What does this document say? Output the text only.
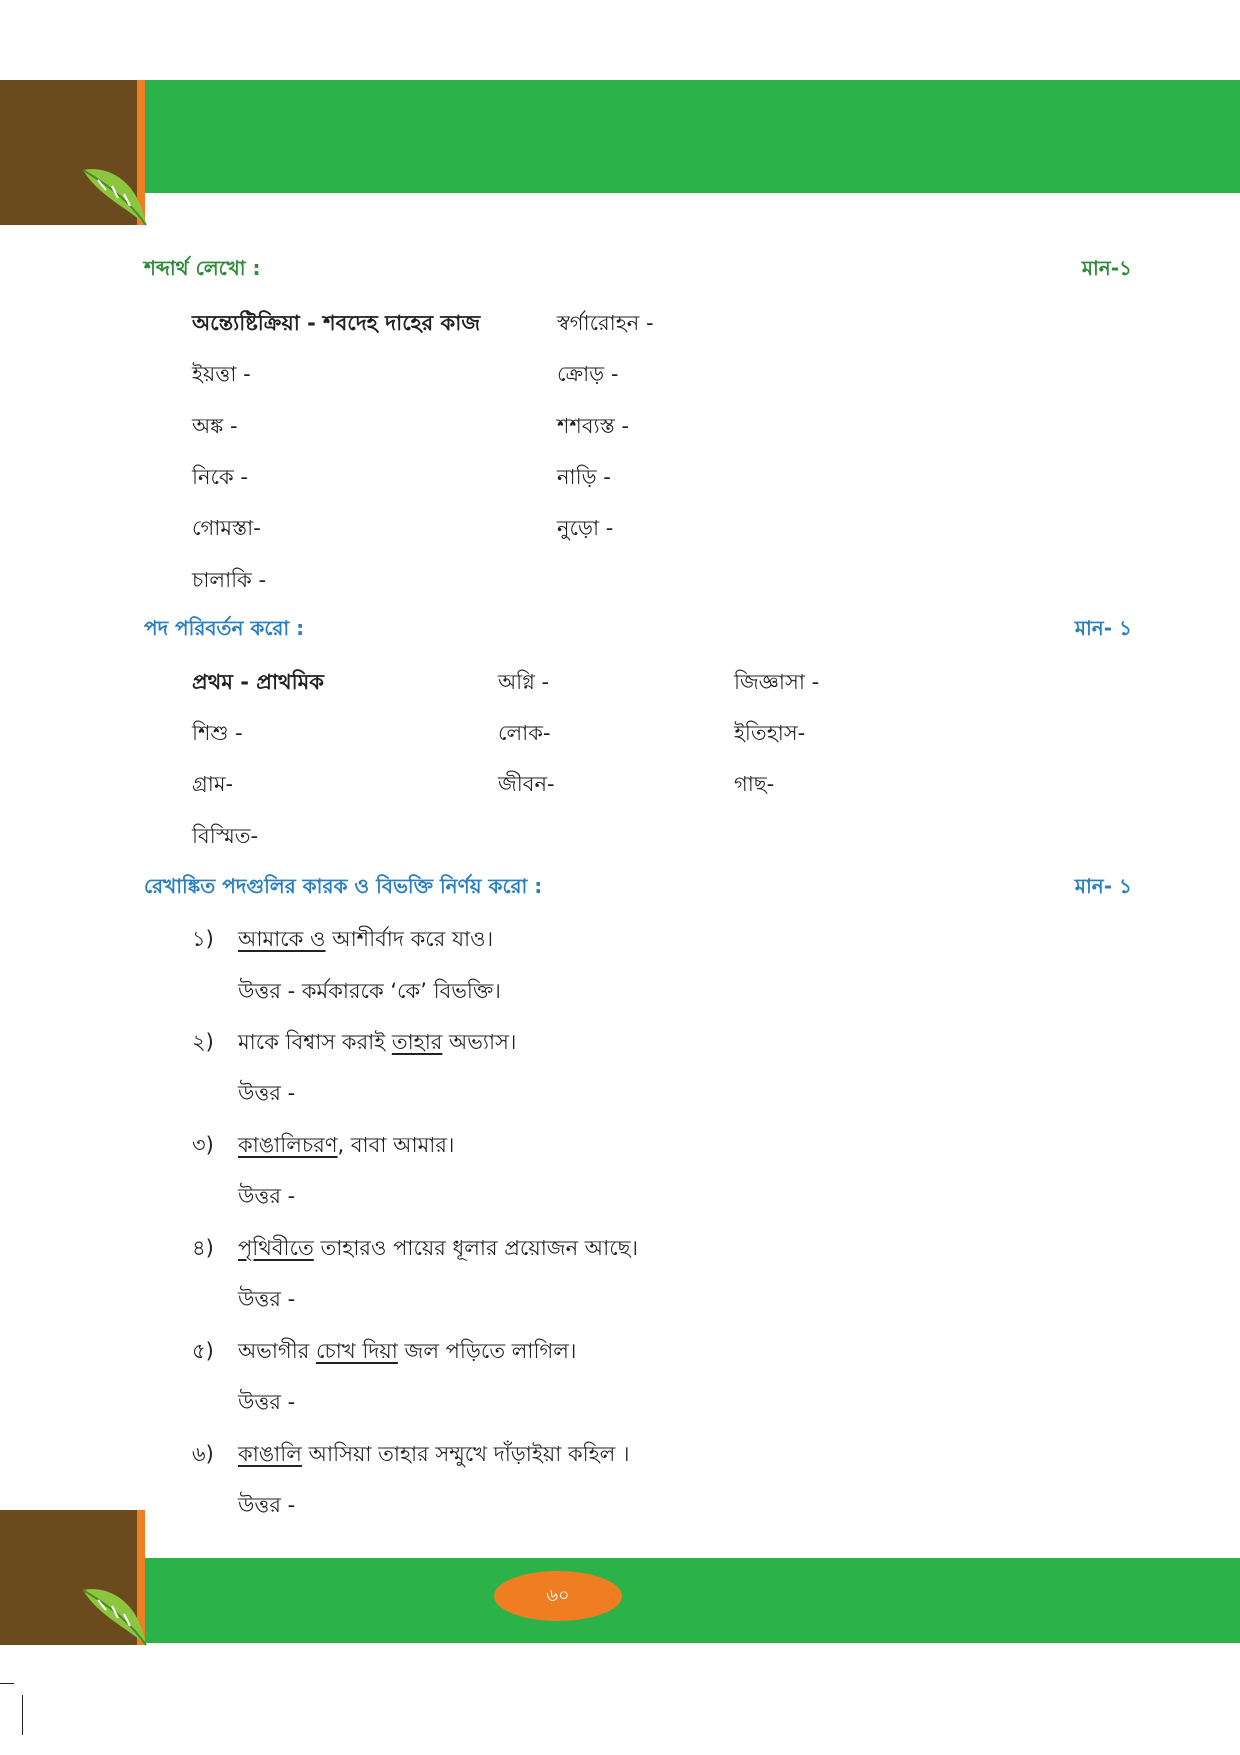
শব্দার্থ লেখো :	মান-১
অন্ত্যেষ্টিক্রিয়া - শবদেহ দাহের কাজ	স্বর্গারোহন -
ইয়ত্তা -	ক্রোড় -
অঙ্ক -	শশব্যস্ত -
নিকে -	নাড়ি -
গোমস্তা-	নুড়ো -
চালাকি -
পদ পরিবর্তন করো :	মান- ১
প্রথম - প্রাথমিক	অগ্নি -	জিজ্ঞাসা -
শিশু -	লোক-	ইতিহাস-
গ্রাম-	জীবন-	গাছ-
বিস্মিত-
রেখাঙ্কিত পদগুলির কারক ও বিভক্তি নির্ণয় করো :	মান- ১
১) আমাকে ও আশীর্বাদ করে যাও।
উত্তর - কর্মকারকে ‘কে’ বিভক্তি।
২) মাকে বিশ্বাস করাই তাহার অভ্যাস।
উত্তর -
৩) কাঙালিচরণ, বাবা আমার।
উত্তর -
৪) পৃথিবীতে তাহারও পায়ের ধূলার প্রয়োজন আছে।
উত্তর -
৫) অভাগীর চোখ দিয়া জল পড়িতে লাগিল।
উত্তর -
৬) কাঙালি আসিয়া তাহার সম্মুখে দাঁড়াইয়া কহিল ।
উত্তর -
৬০
